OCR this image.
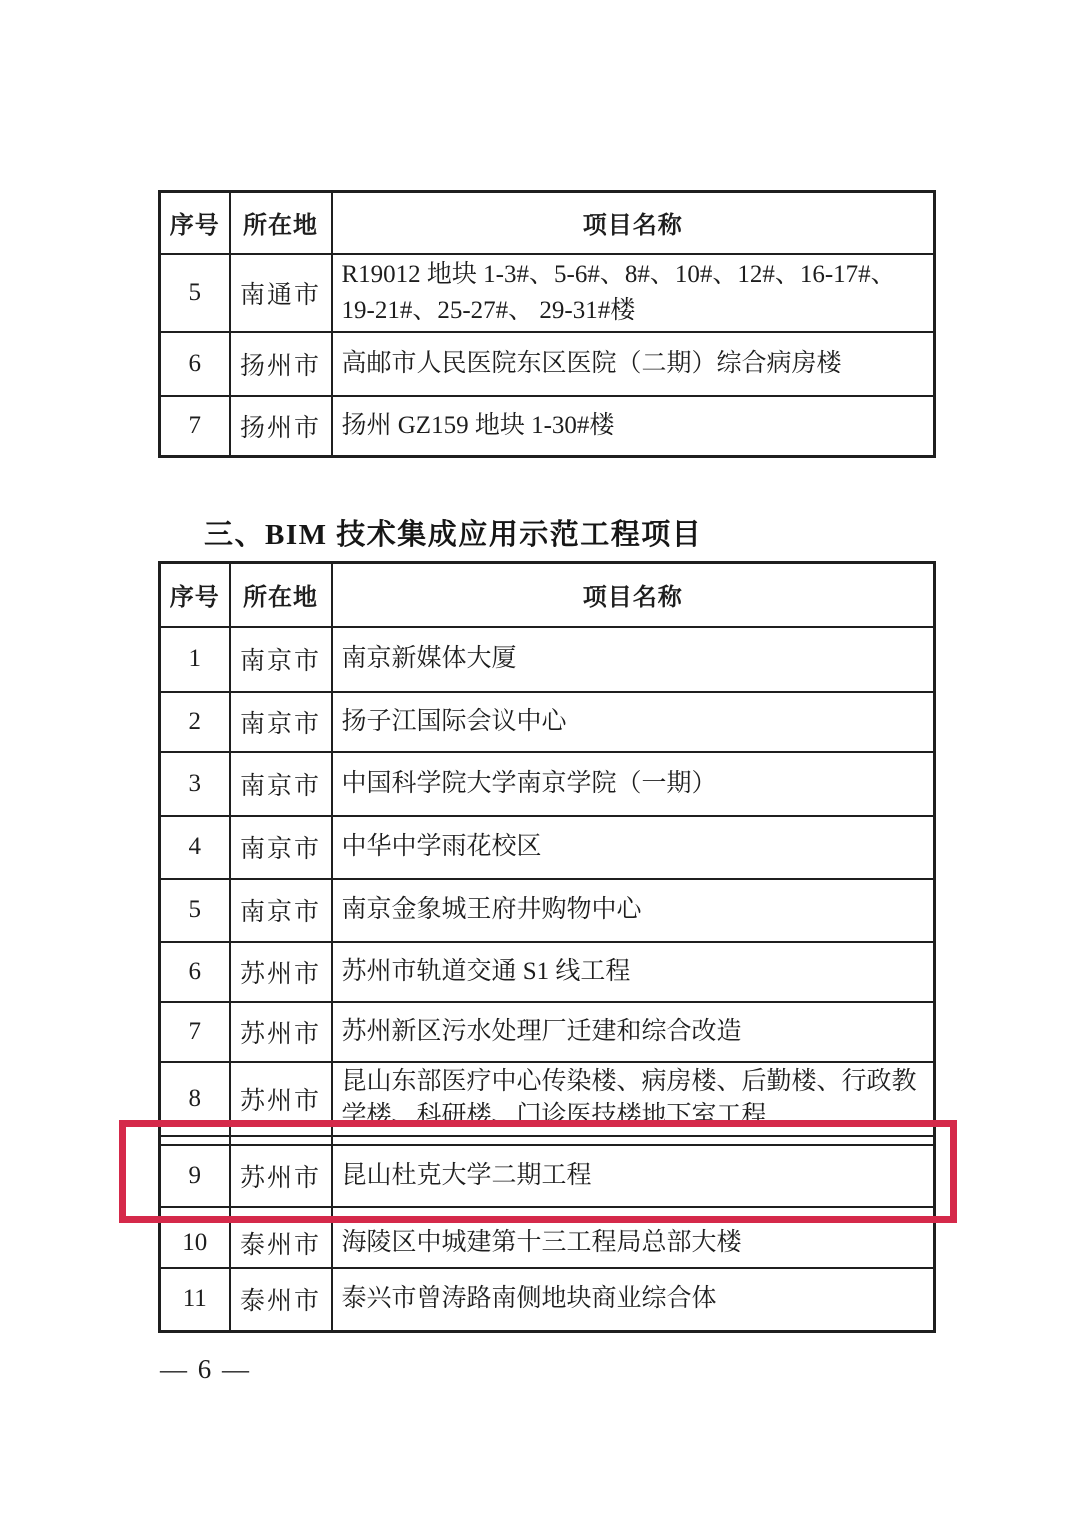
序号	所在地	项目名称
5	南通市	R19012 地块 1-3#、5-6#、8#、10#、12#、16-17#、19-21#、25-27#、 29-31#楼
6	扬州市	高邮市人民医院东区医院（二期）综合病房楼
7	扬州市	扬州 GZ159 地块 1-30#楼
三、BIM 技术集成应用示范工程项目
序号	所在地	项目名称
1	南京市	南京新媒体大厦
2	南京市	扬子江国际会议中心
3	南京市	中国科学院大学南京学院（一期）
4	南京市	中华中学雨花校区
5	南京市	南京金象城王府井购物中心
6	苏州市	苏州市轨道交通 S1 线工程
7	苏州市	苏州新区污水处理厂迁建和综合改造
8	苏州市	昆山东部医疗中心传染楼、病房楼、后勤楼、行政教学楼、科研楼、门诊医技楼地下室工程

9	苏州市	昆山杜克大学二期工程

10	泰州市	海陵区中城建第十三工程局总部大楼
11	泰州市	泰兴市曾涛路南侧地块商业综合体
— 6 —
